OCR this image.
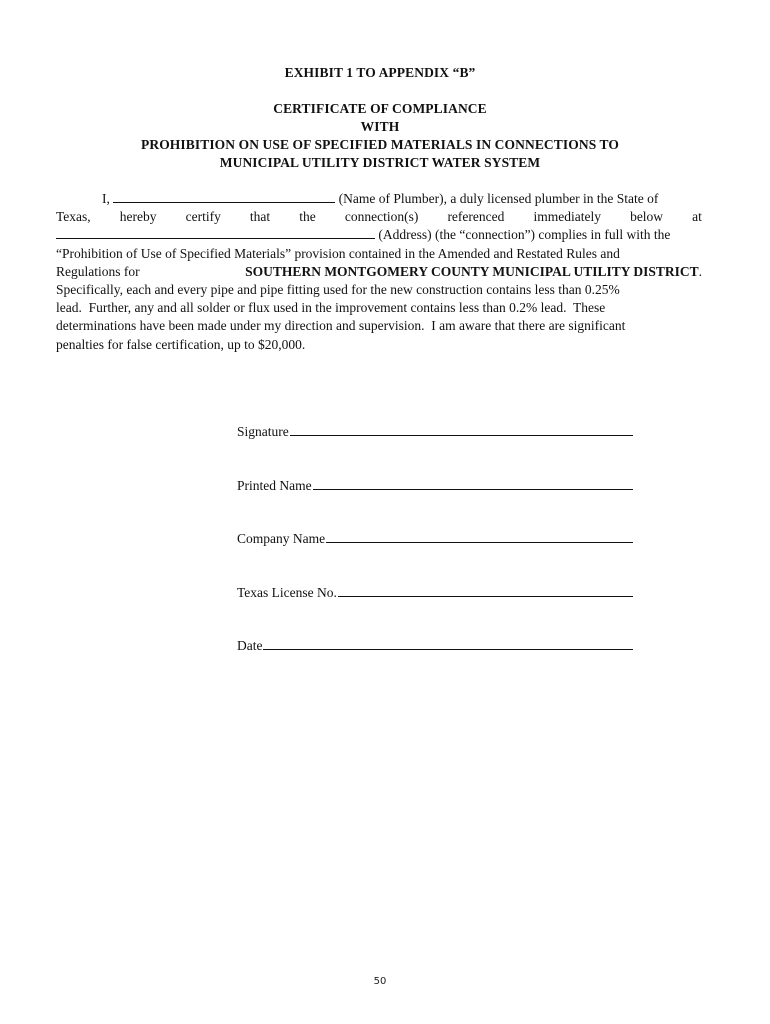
EXHIBIT 1 TO APPENDIX “B”
CERTIFICATE OF COMPLIANCE
WITH
PROHIBITION ON USE OF SPECIFIED MATERIALS IN CONNECTIONS TO
MUNICIPAL UTILITY DISTRICT WATER SYSTEM
I,	(Name of Plumber), a duly licensed plumber in the State of
Texas, hereby certify that the connection(s) referenced immediately below at
(Address) (the “connection”) complies in full with the
“Prohibition of Use of Specified Materials” provision contained in the Amended and Restated Rules and
Regulations for	SOUTHERN MONTGOMERY COUNTY MUNICIPAL UTILITY DISTRICT.
Specifically, each and every pipe and pipe fitting used for the new construction contains less than 0.25%
lead.  Further, any and all solder or flux used in the improvement contains less than 0.2% lead.  These
determinations have been made under my direction and supervision.  I am aware that there are significant
penalties for false certification, up to $20,000.
Signature
Printed Name
Company Name
Texas License No.
Date
50
